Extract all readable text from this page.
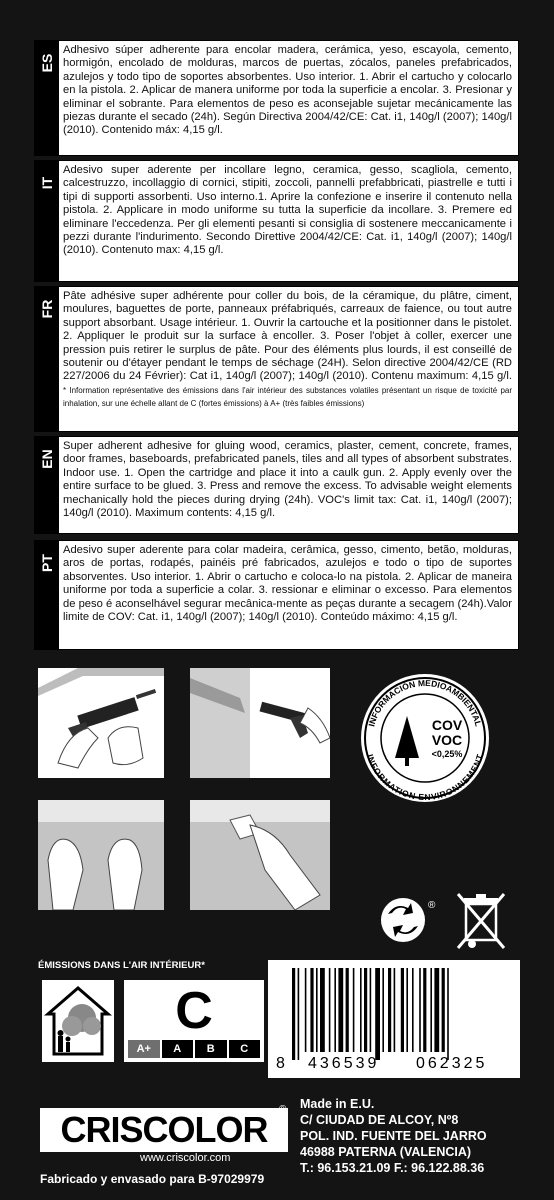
ES
Adhesivo súper adherente para encolar madera, cerámica, yeso, escayola, cemento, hormigón, encolado de molduras, marcos de puertas, zócalos, paneles prefabricados, azulejos y todo tipo de soportes absorbentes. Uso interior. 1. Abrir el cartucho y colocarlo en la pistola. 2. Aplicar de manera uniforme por toda la superficie a encolar. 3. Presionar y eliminar el sobrante. Para elementos de peso es aconsejable sujetar mecánicamente las piezas durante el secado (24h). Según Directiva 2004/42/CE: Cat. i1, 140g/l (2007); 140g/l (2010). Contenido máx: 4,15 g/l.
IT
Adesivo super aderente per incollare legno, ceramica, gesso, scagliola, cemento, calcestruzzo, incollaggio di cornici, stipiti, zoccoli, pannelli prefabbricati, piastrelle e tutti i tipi di supporti assorbenti. Uso interno.1. Aprire la confezione e inserire il contenuto nella pistola. 2. Applicare in modo uniforme su tutta la superficie da incollare. 3. Premere ed eliminare l'eccedenza. Per gli elementi pesanti si consiglia di sostenere meccanicamente i pezzi durante l'indurimento. Secondo Direttive 2004/42/CE: Cat. i1, 140g/l (2007); 140g/l (2010). Contenuto max: 4,15 g/l.
FR
Pâte adhésive super adhérente pour coller du bois, de la céramique, du plâtre, ciment, moulures, baguettes de porte, panneaux préfabriqués, carreaux de faience, ou tout autre support absorbant. Usage intérieur. 1. Ouvrir la cartouche et la positionner dans le pistolet. 2. Appliquer le produit sur la surface à encoller. 3. Poser l'objet à coller, exercer une pression puis retirer le surplus de pâte. Pour des éléments plus lourds, il est conseillé de soutenir ou d'étayer pendant le temps de séchage (24H). Selon directive 2004/42/CE (RD 227/2006 du 24 Février): Cat i1, 140g/l (2007); 140g/l (2010). Contenu maximum: 4,15 g/l. * Information représentative des émissions dans l'air intérieur des substances volatiles présentant un risque de toxicité par inhalation, sur une échelle allant de C (fortes émissions) à A+ (très faibles émissions)
EN
Super adherent adhesive for gluing wood, ceramics, plaster, cement, concrete, frames, door frames, baseboards, prefabricated panels, tiles and all types of absorbent substrates. Indoor use. 1. Open the cartridge and place it into a caulk gun. 2. Apply evenly over the entire surface to be glued. 3. Press and remove the excess. To advisable weight elements mechanically hold the pieces during drying (24h). VOC's limit tax: Cat. i1, 140g/l (2007); 140g/l (2010). Maximum contents: 4,15 g/l.
PT
Adesivo super aderente para colar madeira, cerâmica, gesso, cimento, betão, molduras, aros de portas, rodapés, painéis pré fabricados, azulejos e todo o tipo de suportes absorventes. Uso interior. 1. Abrir o cartucho e coloca-lo na pistola. 2. Aplicar de maneira uniforme por toda a superficie a colar. 3. ressionar e eliminar o excesso. Para elementos de peso é aconselhável segurar mecânica-mente as peças durante a secagem (24h).Valor limite de COV: Cat. i1, 140g/l (2007); 140g/l (2010). Conteúdo máximo: 4,15 g/l.
INFORMACIÓN MEDIOAMBIENTAL
INFORMATION ENVIRONNEMENT
COV
VOC
<0,25%
®
ÉMISSIONS DANS L'AIR INTÉRIEUR*
C
A+	A	B	C
8 436539 062325
CRIS COLOR ®
www.criscolor.com
Fabricado y envasado para B-97029979
Made in E.U.
C/ CIUDAD DE ALCOY, Nº8
POL. IND. FUENTE DEL JARRO
46988 PATERNA (VALENCIA)
T.: 96.153.21.09 F.: 96.122.88.36
